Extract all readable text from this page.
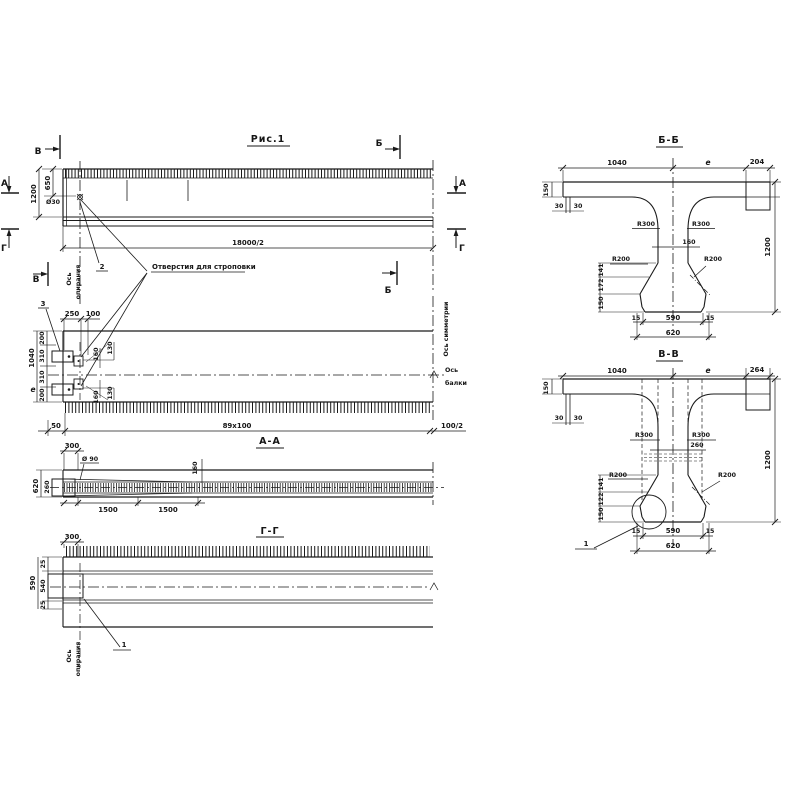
Рис.1
В
Б
В
Б
А
Г
А
Г
650
1200 Ø30
18000/2
Отверстия для строповки
2
Ось опирания
3
250 100
1040
200
310
310
200
е
160 130
160 130
50	89x100	100/2
Ось симметрии
Ось
балки
А-А
300
Ø 90
620 260
160
1500	1500
Г-Г
300
25
540
25
590
1
Ось опирания
Б-Б
1040	е	204
150
30 30
R300	R300
160	1200
R200	R200
141
172
150
15	590	15
620
В-В
1040	е	264
150
30 30
R300	R300
260
1200
R200	R200
141
122
150
15	590	15
620
1
